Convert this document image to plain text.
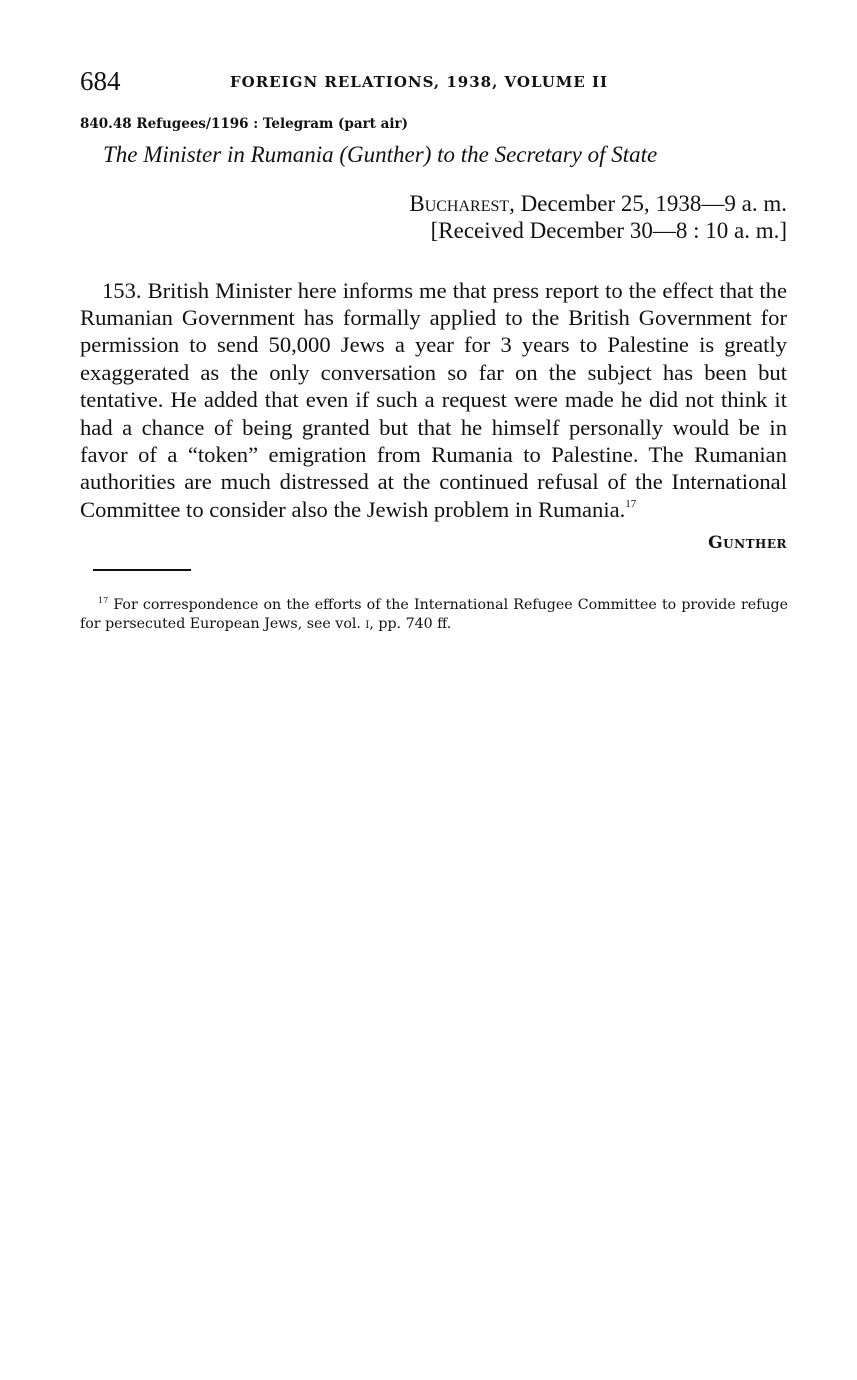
684	FOREIGN RELATIONS, 1938, VOLUME II
840.48 Refugees/1196 : Telegram (part air)
The Minister in Rumania (Gunther) to the Secretary of State
Bucharest, December 25, 1938—9 a. m.
[Received December 30—8 : 10 a. m.]

153. British Minister here informs me that press report to the effect that the Rumanian Government has formally applied to the British Government for permission to send 50,000 Jews a year for 3 years to Palestine is greatly exaggerated as the only conversation so far on the subject has been but tentative. He added that even if such a request were made he did not think it had a chance of being granted but that he himself personally would be in favor of a “token” emigration from Rumania to Palestine. The Rumanian authorities are much distressed at the continued refusal of the International Committee to consider also the Jewish problem in Rumania.$^{17}$

Gunther

$^{17}$ For correspondence on the efforts of the International Refugee Committee to provide refuge for persecuted European Jews, see vol. i, pp. 740 ff.
